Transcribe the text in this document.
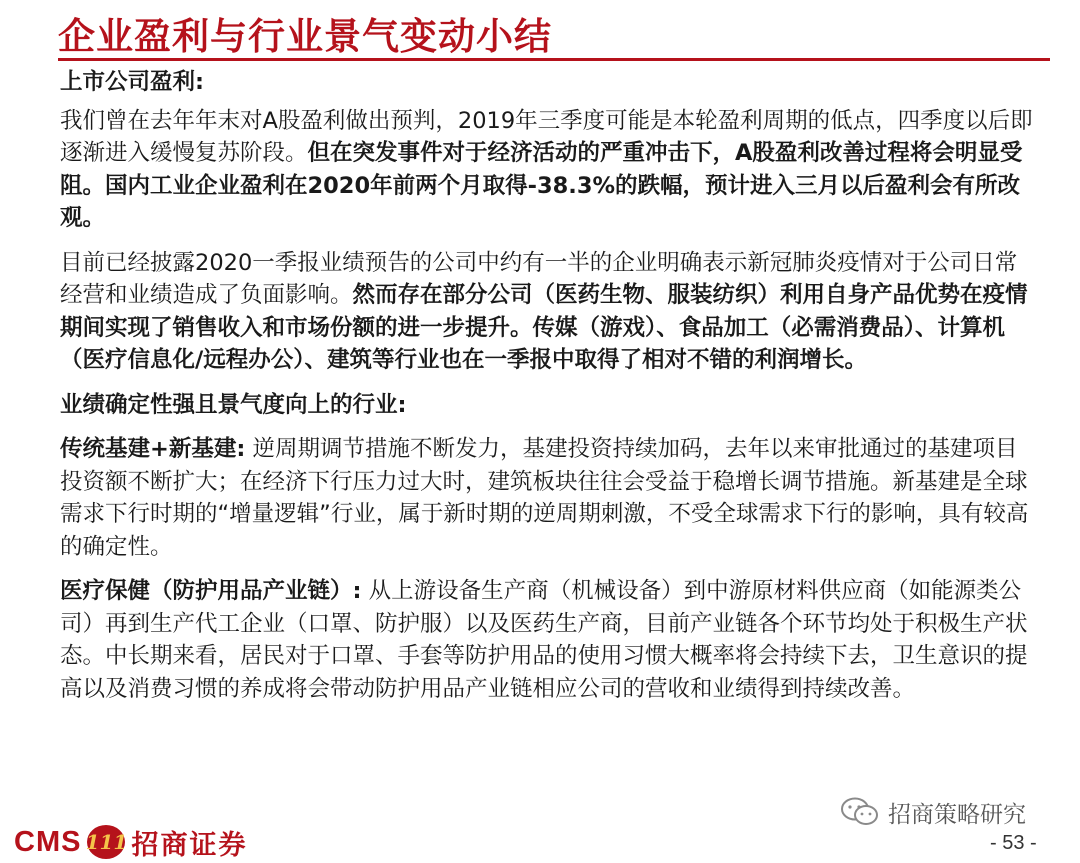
企业盈利与行业景气变动小结

上市公司盈利:

我们曾在去年年末对A股盈利做出预判，2019年三季度可能是本轮盈利周期的低点，四季度以后即逐渐进入缓慢复苏阶段。但在突发事件对于经济活动的严重冲击下，A股盈利改善过程将会明显受阻。国内工业企业盈利在2020年前两个月取得-38.3%的跌幅，预计进入三月以后盈利会有所改观。

目前已经披露2020一季报业绩预告的公司中约有一半的企业明确表示新冠肺炎疫情对于公司日常经营和业绩造成了负面影响。然而存在部分公司（医药生物、服装纺织）利用自身产品优势在疫情期间实现了销售收入和市场份额的进一步提升。传媒（游戏）、食品加工（必需消费品）、计算机（医疗信息化/远程办公）、建筑等行业也在一季报中取得了相对不错的利润增长。

业绩确定性强且景气度向上的行业:

传统基建+新基建: 逆周期调节措施不断发力，基建投资持续加码，去年以来审批通过的基建项目投资额不断扩大；在经济下行压力过大时，建筑板块往往会受益于稳增长调节措施。新基建是全球需求下行时期的“增量逻辑”行业，属于新时期的逆周期刺激，不受全球需求下行的影响，具有较高的确定性。

医疗保健（防护用品产业链）: 从上游设备生产商（机械设备）到中游原材料供应商（如能源类公司）再到生产代工企业（口罩、防护服）以及医药生产商，目前产业链各个环节均处于积极生产状态。中长期来看，居民对于口罩、手套等防护用品的使用习惯大概率将会持续下去，卫生意识的提高以及消费习惯的养成将会带动防护用品产业链相应公司的营收和业绩得到持续改善。

招商策略研究
CMS 111 招商证券	- 53 -
